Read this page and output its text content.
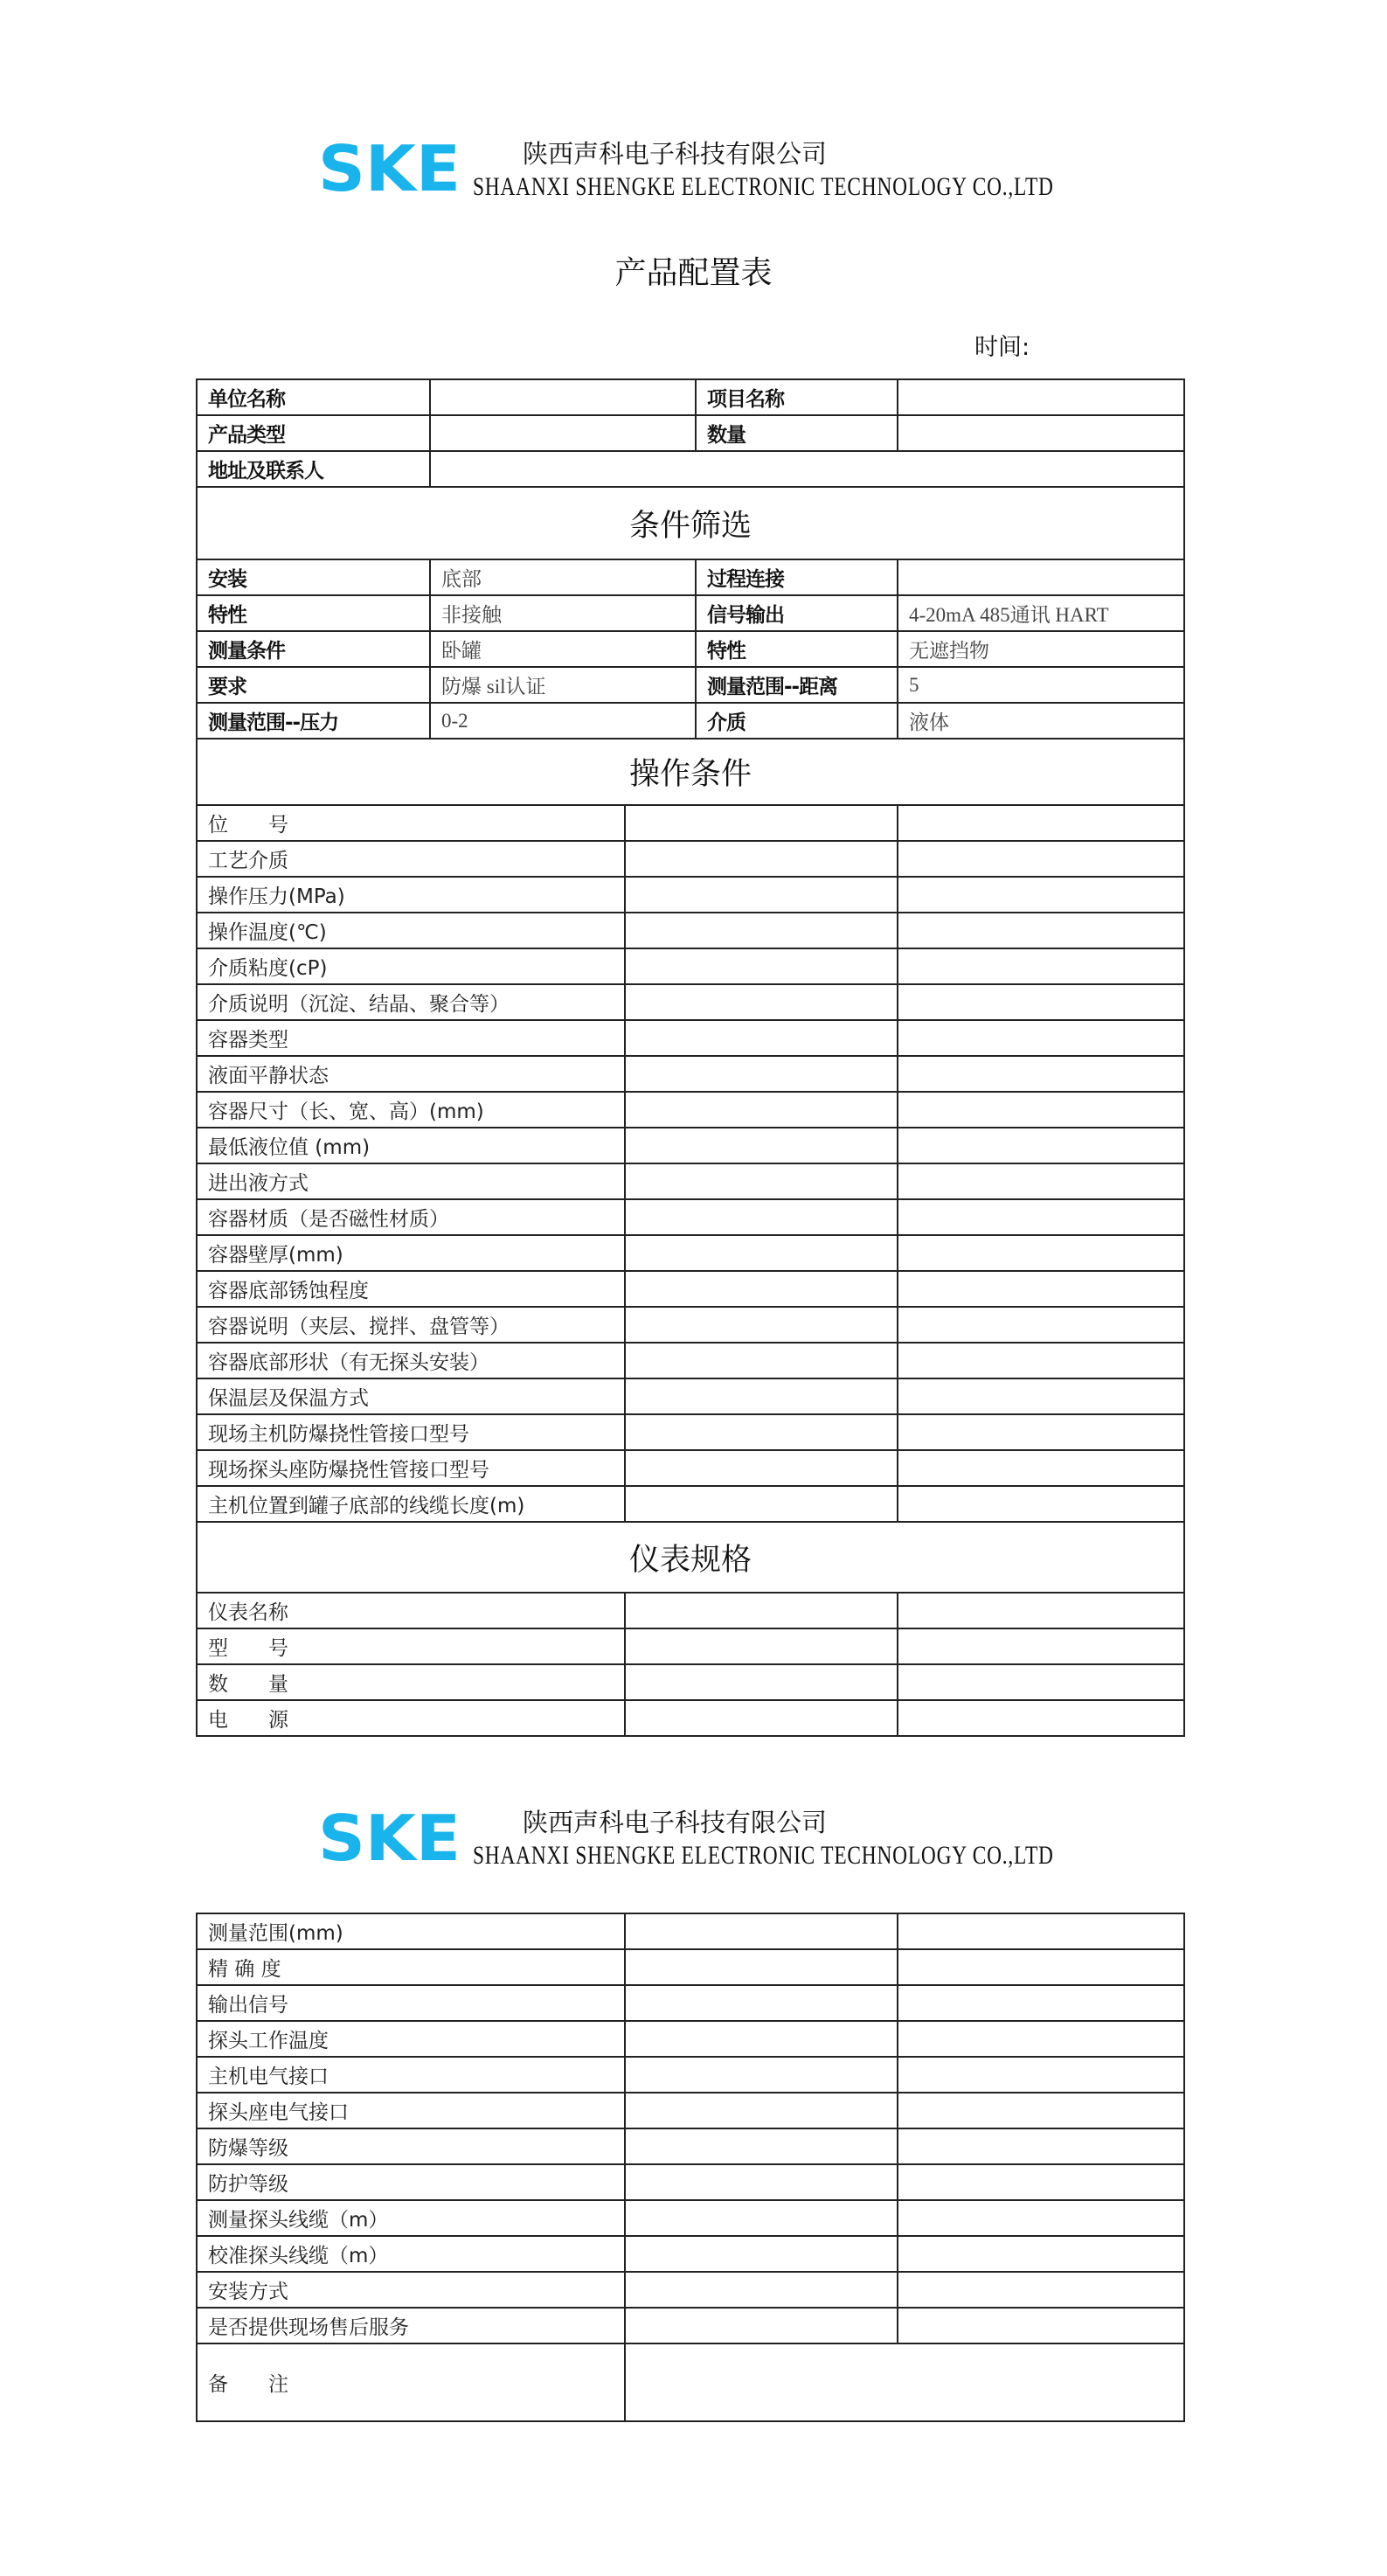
SKE 陕西声科电子科技有限公司
SHAANXI SHENGKE ELECTRONIC TECHNOLOGY CO.,LTD
产品配置表
时间:
单位名称			项目名称	
产品类型			数量	
地址及联系人				
条件筛选				
安装	底部		过程连接	
特性	非接触		信号输出	4-20mA 485通讯 HART
测量条件	卧罐		特性	无遮挡物
要求	防爆 sil认证		测量范围--距离	5
测量范围--压力	0-2		介质	液体
操作条件				
位　　号				
工艺介质				
操作压力(MPa)				
操作温度(℃)				
介质粘度(cP)				
介质说明（沉淀、结晶、聚合等）				
容器类型				
液面平静状态				
容器尺寸（长、宽、高）(mm)				
最低液位值 (mm)				
进出液方式				
容器材质（是否磁性材质）				
容器壁厚(mm)				
容器底部锈蚀程度				
容器说明（夹层、搅拌、盘管等）				
容器底部形状（有无探头安装）				
保温层及保温方式				
现场主机防爆挠性管接口型号				
现场探头座防爆挠性管接口型号				
主机位置到罐子底部的线缆长度(m)				
仪表规格				
仪表名称				
型　　号				
数　　量				
电　　源				
SKE 陕西声科电子科技有限公司
SHAANXI SHENGKE ELECTRONIC TECHNOLOGY CO.,LTD
测量范围(mm)		
精 确 度		
输出信号		
探头工作温度		
主机电气接口		
探头座电气接口		
防爆等级		
防护等级		
测量探头线缆（m）		
校准探头线缆（m）		
安装方式		
是否提供现场售后服务		
备　　注		
